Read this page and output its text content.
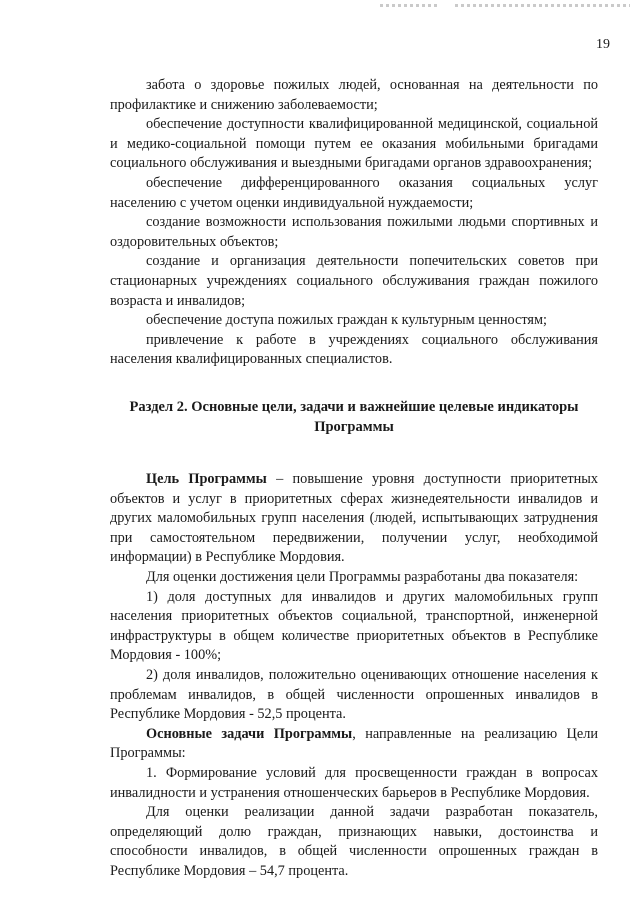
19

забота о здоровье пожилых людей, основанная на деятельности по профилактике и снижению заболеваемости;

обеспечение доступности квалифицированной медицинской, социальной и медико-социальной помощи путем ее оказания мобильными бригадами социального обслуживания и выездными бригадами органов здравоохранения;

обеспечение дифференцированного оказания социальных услуг населению с учетом оценки индивидуальной нуждаемости;

создание возможности использования пожилыми людьми спортивных и оздоровительных объектов;

создание и организация деятельности попечительских советов при стационарных учреждениях социального обслуживания граждан пожилого возраста и инвалидов;

обеспечение доступа пожилых граждан к культурным ценностям;

привлечение к работе в учреждениях социального обслуживания населения квалифицированных специалистов.

Раздел 2. Основные цели, задачи и важнейшие целевые индикаторы Программы

Цель Программы – повышение уровня доступности приоритетных объектов и услуг в приоритетных сферах жизнедеятельности инвалидов и других маломобильных групп населения (людей, испытывающих затруднения при самостоятельном передвижении, получении услуг, необходимой информации) в Республике Мордовия.

Для оценки достижения цели Программы разработаны два показателя:

1) доля доступных для инвалидов и других маломобильных групп населения приоритетных объектов социальной, транспортной, инженерной инфраструктуры в общем количестве приоритетных объектов в Республике Мордовия - 100%;

2) доля инвалидов, положительно оценивающих отношение населения к проблемам инвалидов, в общей численности опрошенных инвалидов в Республике Мордовия - 52,5 процента.

Основные задачи Программы, направленные на реализацию Цели Программы:

1. Формирование условий для просвещенности граждан в вопросах инвалидности и устранения отношенческих барьеров в Республике Мордовия.

Для оценки реализации данной задачи разработан показатель, определяющий долю граждан, признающих навыки, достоинства и способности инвалидов, в общей численности опрошенных граждан в Республике Мордовия – 54,7 процента.
